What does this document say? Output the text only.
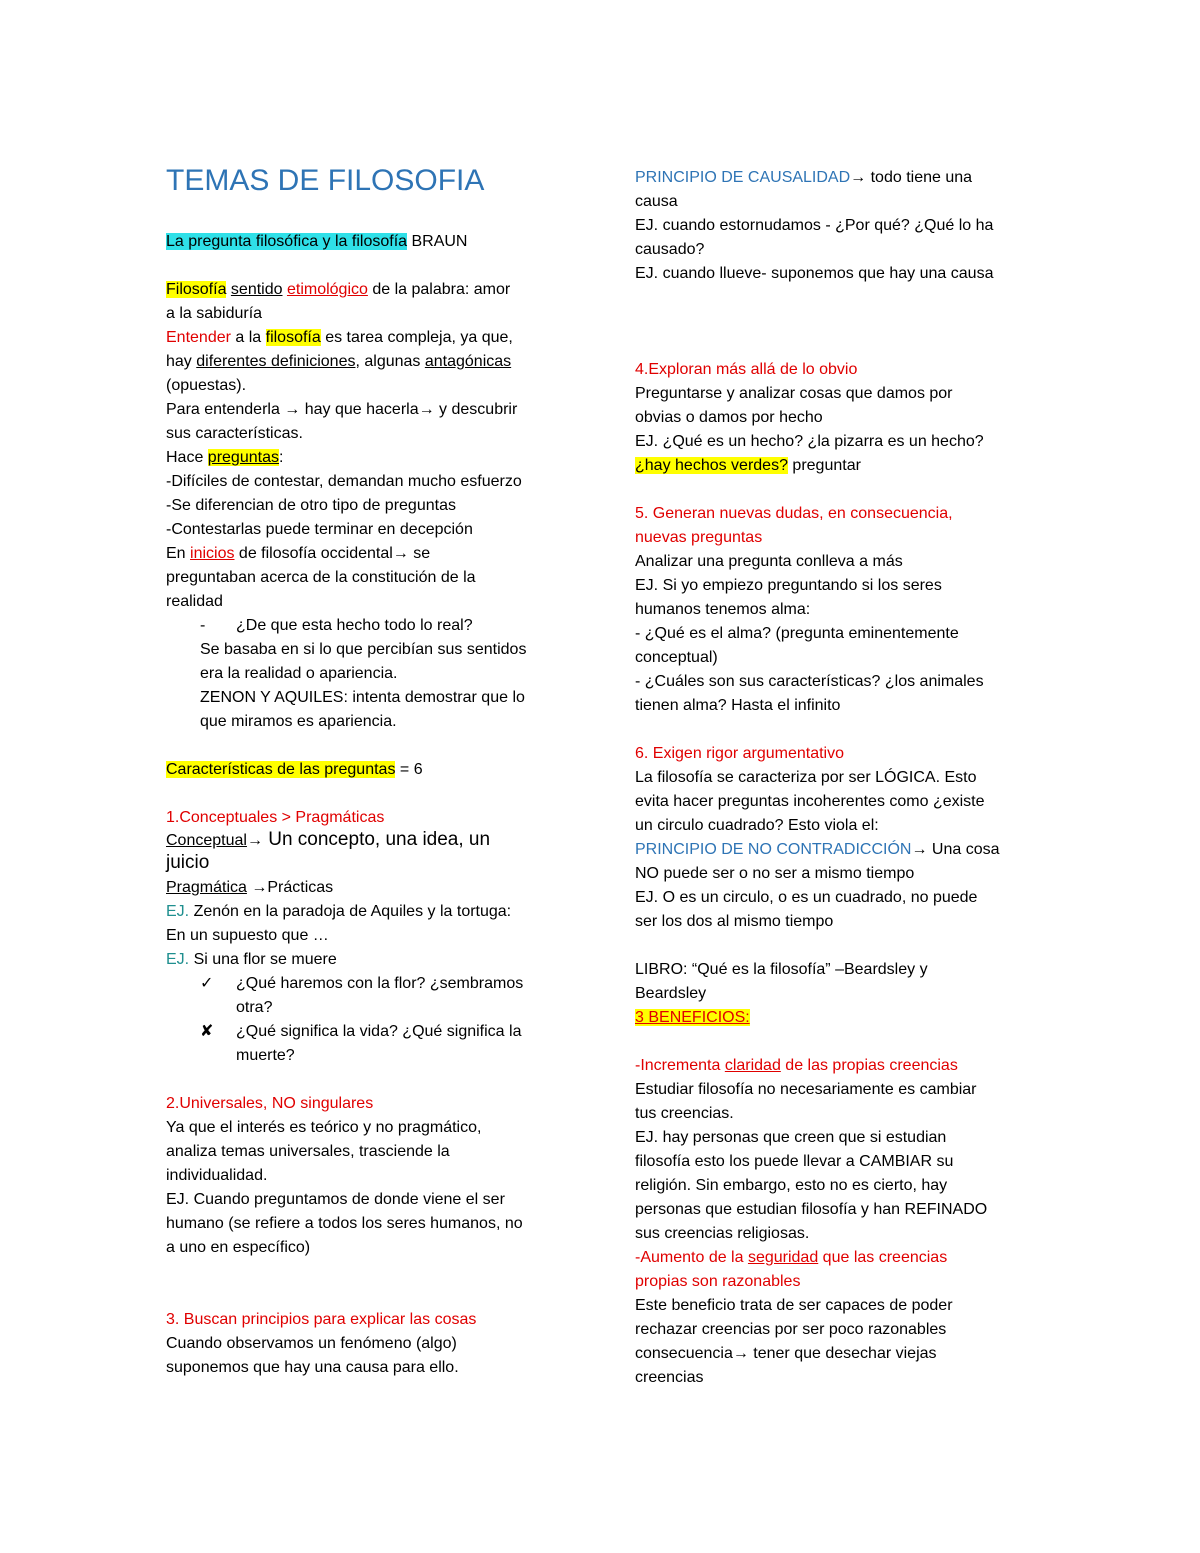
TEMAS DE FILOSOFIA
La pregunta filosófica y la filosofía BRAUN
Filosofía sentido etimológico de la palabra: amor
a la sabiduría
Entender a la filosofía es tarea compleja, ya que,
hay diferentes definiciones, algunas antagónicas
(opuestas).
Para entenderla → hay que hacerla→ y descubrir
sus características.
Hace preguntas:
-Difíciles de contestar, demandan mucho esfuerzo
-Se diferencian de otro tipo de preguntas
-Contestarlas puede terminar en decepción
En inicios de filosofía occidental→ se
preguntaban acerca de la constitución de la
realidad
- ¿De que esta hecho todo lo real?
Se basaba en si lo que percibían sus sentidos
era la realidad o apariencia.
ZENON Y AQUILES: intenta demostrar que lo
que miramos es apariencia.
Características de las preguntas = 6
1.Conceptuales > Pragmáticas
Conceptual→ Un concepto, una idea, un
juicio
Pragmática →Prácticas
EJ. Zenón en la paradoja de Aquiles y la tortuga:
En un supuesto que …
EJ. Si una flor se muere
✓ ¿Qué haremos con la flor? ¿sembramos
otra?
✘ ¿Qué significa la vida? ¿Qué significa la
muerte?
2.Universales, NO singulares
Ya que el interés es teórico y no pragmático,
analiza temas universales, trasciende la
individualidad.
EJ. Cuando preguntamos de donde viene el ser
humano (se refiere a todos los seres humanos, no
a uno en específico)
3. Buscan principios para explicar las cosas
Cuando observamos un fenómeno (algo)
suponemos que hay una causa para ello.
PRINCIPIO DE CAUSALIDAD→ todo tiene una
causa
EJ. cuando estornudamos - ¿Por qué? ¿Qué lo ha
causado?
EJ. cuando llueve- suponemos que hay una causa
4.Exploran más allá de lo obvio
Preguntarse y analizar cosas que damos por
obvias o damos por hecho
EJ. ¿Qué es un hecho? ¿la pizarra es un hecho?
¿hay hechos verdes? preguntar
5. Generan nuevas dudas, en consecuencia,
nuevas preguntas
Analizar una pregunta conlleva a más
EJ. Si yo empiezo preguntando si los seres
humanos tenemos alma:
- ¿Qué es el alma? (pregunta eminentemente
conceptual)
- ¿Cuáles son sus características? ¿los animales
tienen alma? Hasta el infinito
6. Exigen rigor argumentativo
La filosofía se caracteriza por ser LÓGICA. Esto
evita hacer preguntas incoherentes como ¿existe
un circulo cuadrado? Esto viola el:
PRINCIPIO DE NO CONTRADICCIÓN→ Una cosa
NO puede ser o no ser a mismo tiempo
EJ. O es un circulo, o es un cuadrado, no puede
ser los dos al mismo tiempo
LIBRO: “Qué es la filosofía” –Beardsley y
Beardsley
3 BENEFICIOS:
-Incrementa claridad de las propias creencias
Estudiar filosofía no necesariamente es cambiar
tus creencias.
EJ. hay personas que creen que si estudian
filosofía esto los puede llevar a CAMBIAR su
religión. Sin embargo, esto no es cierto, hay
personas que estudian filosofía y han REFINADO
sus creencias religiosas.
-Aumento de la seguridad que las creencias
propias son razonables
Este beneficio trata de ser capaces de poder
rechazar creencias por ser poco razonables
consecuencia→ tener que desechar viejas
creencias
